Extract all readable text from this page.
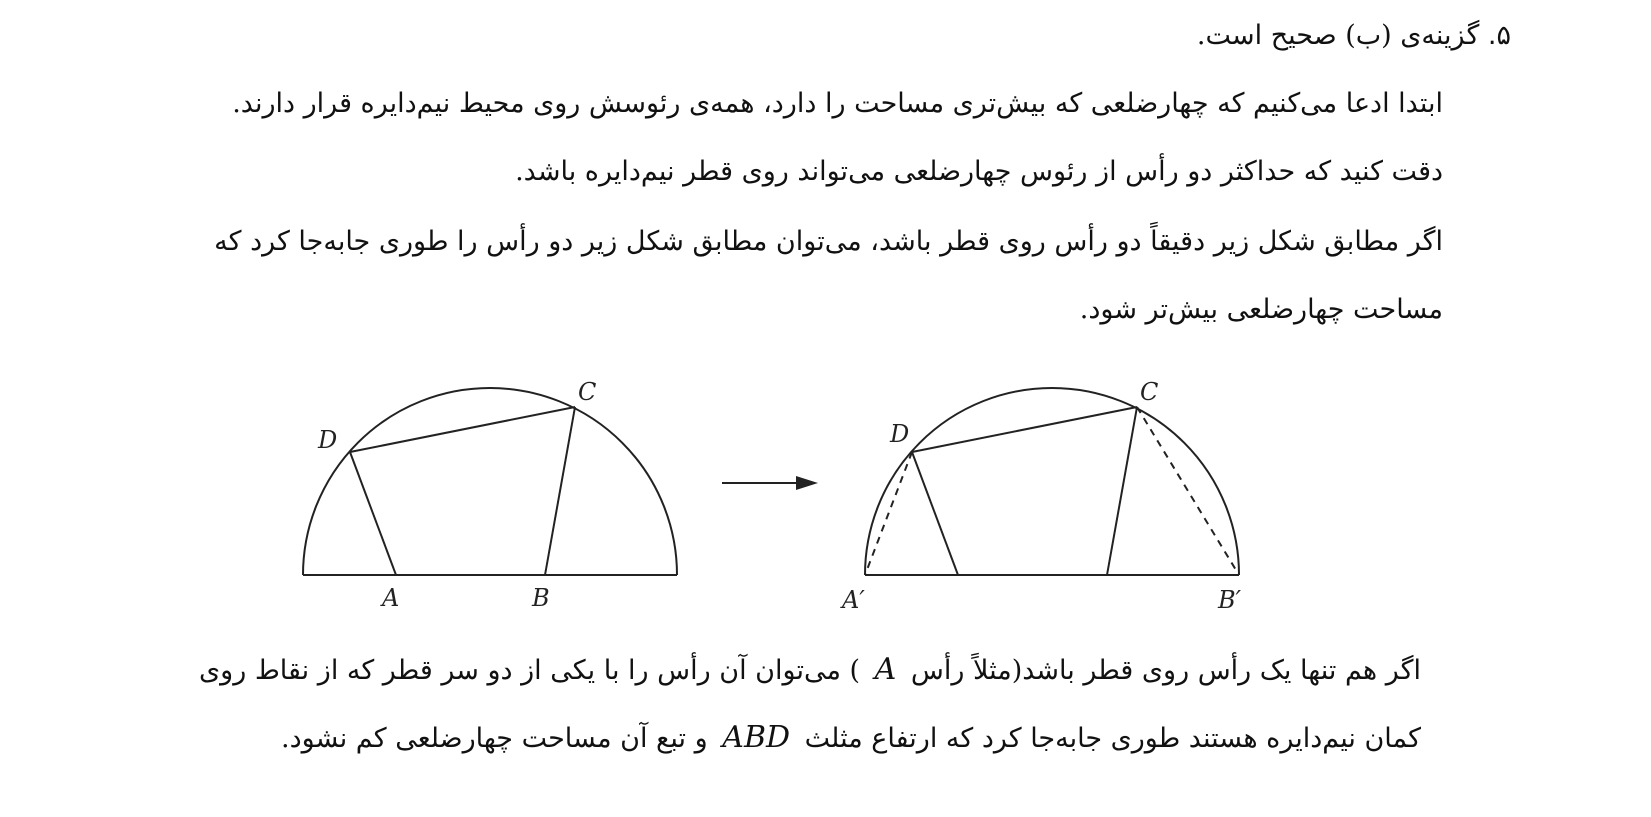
۵. گزینه‌ی (ب) صحیح است.
ابتدا ادعا می‌کنیم که چهارضلعی که بیش‌تری مساحت را دارد، همه‌ی رئوسش روی محیط نیم‌دایره قرار دارند.
دقت کنید که حداکثر دو رأس از رئوس چهارضلعی می‌تواند روی قطر نیم‌دایره باشد.
اگر مطابق شکل زیر دقیقاً دو رأس روی قطر باشد، می‌توان مطابق شکل زیر دو رأس را طوری جابه‌جا کرد که
مساحت چهارضلعی بیش‌تر شود.
D
C
A	B
D
C
A′	B′
اگر هم تنها یک رأس روی قطر باشد(مثلاً رأس A ) می‌توان آن رأس را با یکی از دو سر قطر که از نقاط روی
کمان نیم‌دایره هستند طوری جابه‌جا کرد که ارتفاع مثلث ABD و تبع آن مساحت چهارضلعی کم نشود.
